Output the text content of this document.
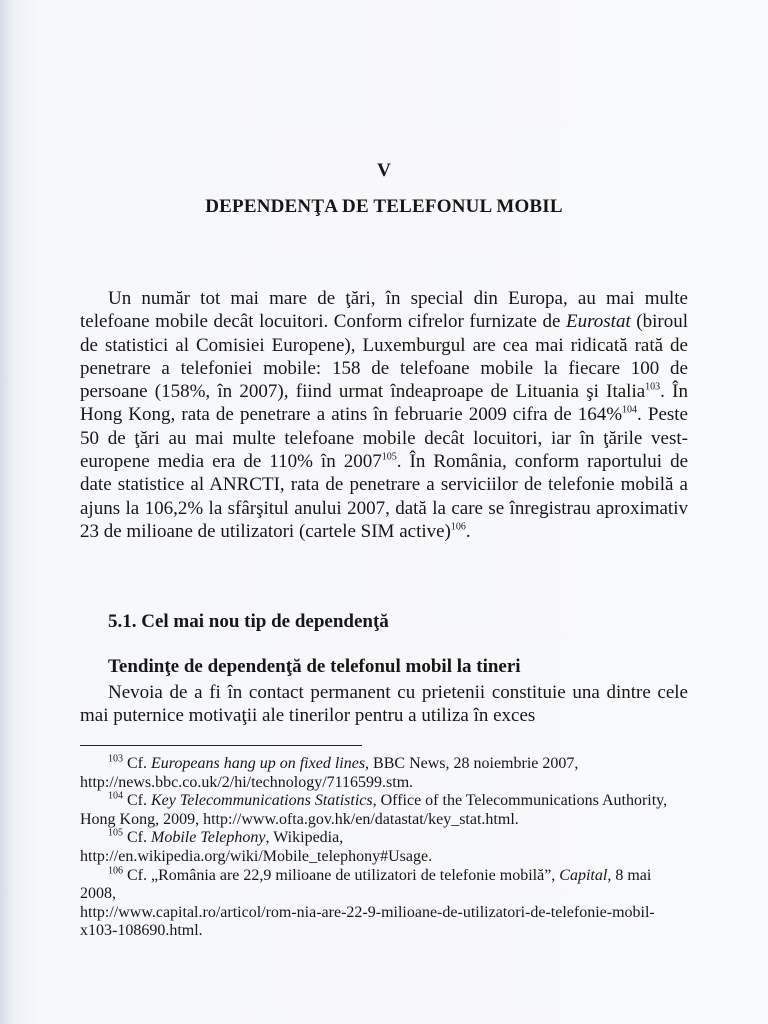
V
DEPENDENŢA DE TELEFONUL MOBIL

Un număr tot mai mare de ţări, în special din Europa, au mai multe telefoane mobile decât locuitori. Conform cifrelor furnizate de Eurostat (biroul de statistici al Comisiei Europene), Luxemburgul are cea mai ridicată rată de penetrare a telefoniei mobile: 158 de telefoane mobile la fiecare 100 de persoane (158%, în 2007), fiind urmat îndeaproape de Lituania şi Italia$^{103}$. În Hong Kong, rata de penetrare a atins în februarie 2009 cifra de 164%$^{104}$. Peste 50 de ţări au mai multe telefoane mobile decât locuitori, iar în ţările vest-europene media era de 110% în 2007$^{105}$. În România, conform raportului de date statistice al ANRCTI, rata de penetrare a serviciilor de telefonie mobilă a ajuns la 106,2% la sfârşitul anului 2007, dată la care se înregistrau aproximativ 23 de milioane de utilizatori (cartele SIM active)$^{106}$.

5.1. Cel mai nou tip de dependenţă
Tendinţe de dependenţă de telefonul mobil la tineri

Nevoia de a fi în contact permanent cu prietenii constituie una dintre cele mai puternice motivaţii ale tinerilor pentru a utiliza în exces

$^{103}$ Cf. Europeans hang up on fixed lines, BBC News, 28 noiembrie 2007,
http://news.bbc.co.uk/2/hi/technology/7116599.stm.

$^{104}$ Cf. Key Telecommunications Statistics, Office of the Telecommunications Authority, Hong Kong, 2009, http://www.ofta.gov.hk/en/datastat/key_stat.html.

$^{105}$ Cf. Mobile Telephony, Wikipedia,
http://en.wikipedia.org/wiki/Mobile_telephony#Usage.

$^{106}$ Cf. „România are 22,9 milioane de utilizatori de telefonie mobilă”, Capital, 8 mai 2008,
http://www.capital.ro/articol/rom-nia-are-22-9-milioane-de-utilizatori-de-telefonie-mobil-x103-108690.html.
